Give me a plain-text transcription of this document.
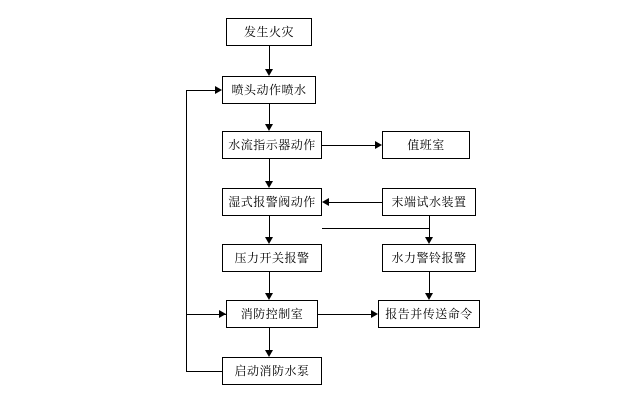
发生火灾
喷头动作喷水
水流指示器动作	值班室
湿式报警阀动作	末端试水装置
压力开关报警	水力警铃报警
消防控制室	报告并传送命令
启动消防水泵
